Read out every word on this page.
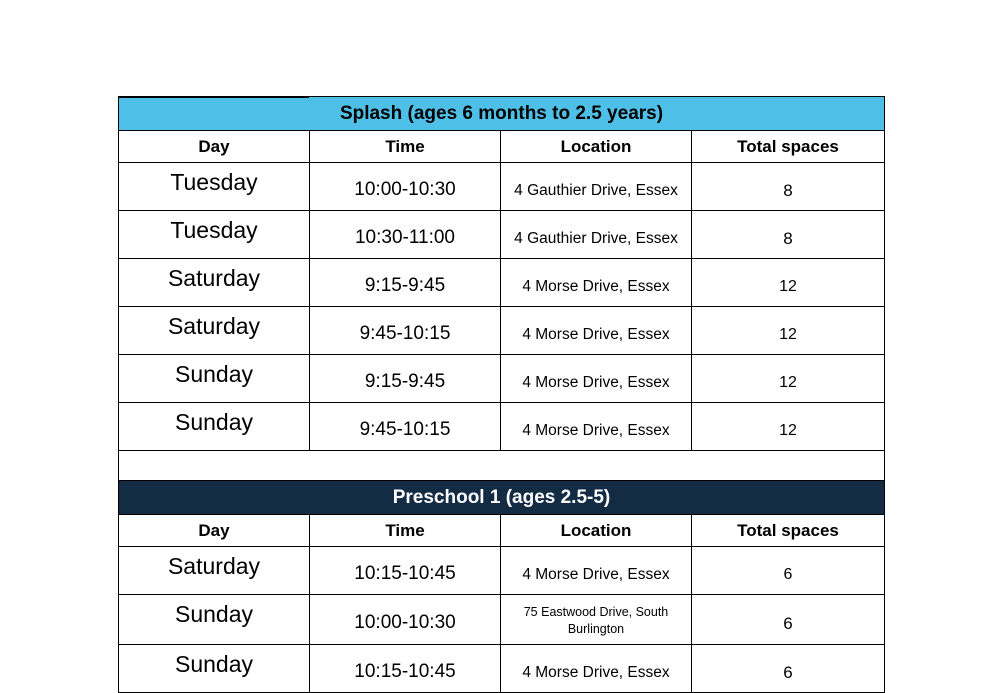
Splash (ages 6 months to 2.5 years)			
Day	Time	Location	Total spaces
Tuesday	10:00-10:30	4 Gauthier Drive, Essex	8
Tuesday	10:30-11:00	4 Gauthier Drive, Essex	8
Saturday	9:15-9:45	4 Morse Drive, Essex	12
Saturday	9:45-10:15	4 Morse Drive, Essex	12
Sunday	9:15-9:45	4 Morse Drive, Essex	12
Sunday	9:45-10:15	4 Morse Drive, Essex	12

Preschool 1 (ages 2.5-5)			
Day	Time	Location	Total spaces
Saturday	10:15-10:45	4 Morse Drive, Essex	6
Sunday	10:00-10:30	75 Eastwood Drive, South Burlington	6
Sunday	10:15-10:45	4 Morse Drive, Essex	6
